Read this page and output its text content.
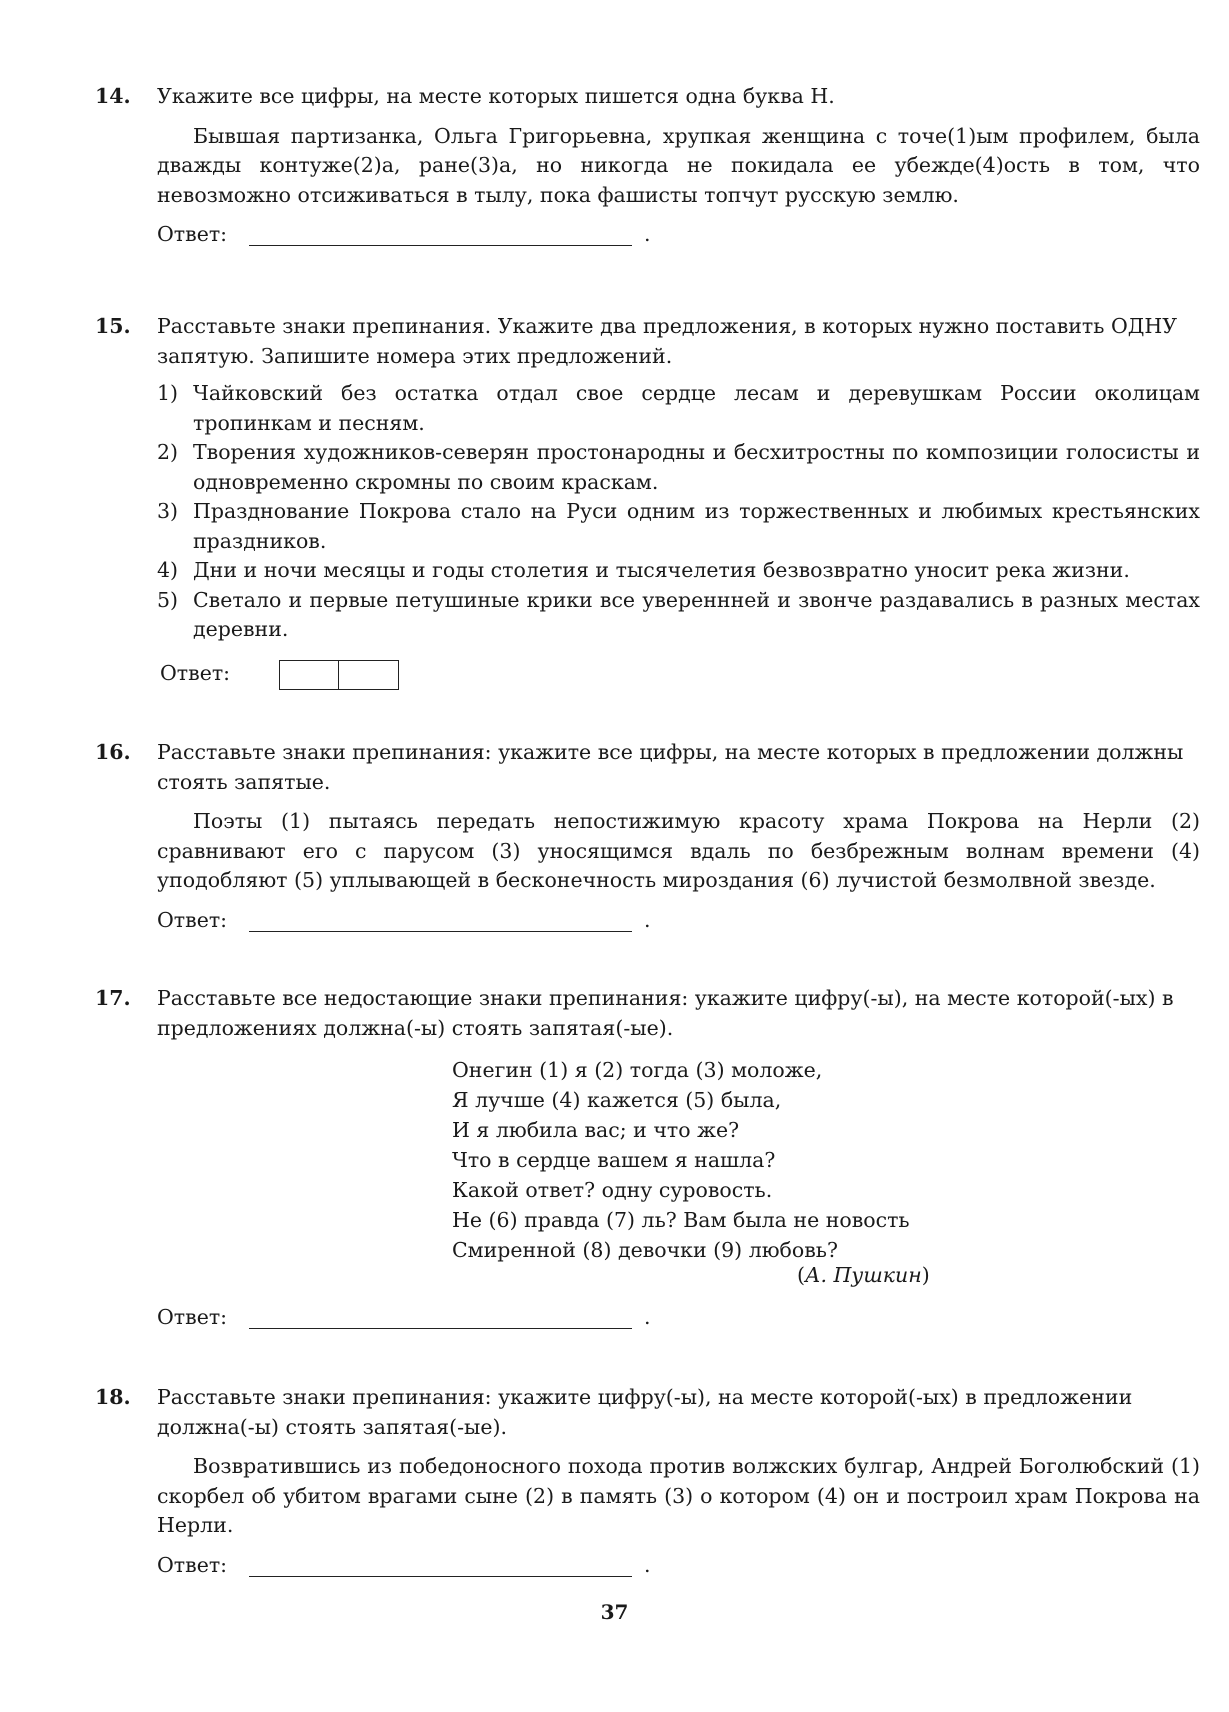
14.	Укажите все цифры, на месте которых пишется одна буква Н.
Бывшая партизанка, Ольга Григорьевна, хрупкая женщина с точе(1)ым профилем, была дважды контуже(2)а, ране(3)а, но никогда не покидала ее убежде(4)ость в том, что невозможно отсиживаться в тылу, пока фашисты топчут русскую землю.
Ответ:	.
15.	Расставьте знаки препинания. Укажите два предложения, в которых нужно поставить ОДНУ запятую. Запишите номера этих предложений.
1) Чайковский без остатка отдал свое сердце лесам и деревушкам России околицам тропинкам и песням.
2) Творения художников-северян простонародны и бесхитростны по композиции голосисты и одновременно скромны по своим краскам.
3) Празднование Покрова стало на Руси одним из торжественных и любимых крестьянских праздников.
4) Дни и ночи месяцы и годы столетия и тысячелетия безвозвратно уносит река жизни.
5) Светало и первые петушиные крики все увереннней и звонче раздавались в разных местах деревни.
Ответ:
16.	Расставьте знаки препинания: укажите все цифры, на месте которых в предложении должны стоять запятые.
Поэты (1) пытаясь передать непостижимую красоту храма Покрова на Нерли (2) сравнивают его с парусом (3) уносящимся вдаль по безбрежным волнам времени (4) уподобляют (5) уплывающей в бесконечность мироздания (6) лучистой безмолвной звезде.
Ответ:	.
17.	Расставьте все недостающие знаки препинания: укажите цифру(-ы), на месте которой(-ых) в предложениях должна(-ы) стоять запятая(-ые).
Онегин (1) я (2) тогда (3) моложе,
Я лучше (4) кажется (5) была,
И я любила вас; и что же?
Что в сердце вашем я нашла?
Какой ответ? одну суровость.
Не (6) правда (7) ль? Вам была не новость
Смиренной (8) девочки (9) любовь?
(А. Пушкин)
Ответ:	.
18.	Расставьте знаки препинания: укажите цифру(-ы), на месте которой(-ых) в предложении должна(-ы) стоять запятая(-ые).
Возвратившись из победоносного похода против волжских булгар, Андрей Боголюбский (1) скорбел об убитом врагами сыне (2) в память (3) о котором (4) он и построил храм Покрова на Нерли.
Ответ:	.
37
